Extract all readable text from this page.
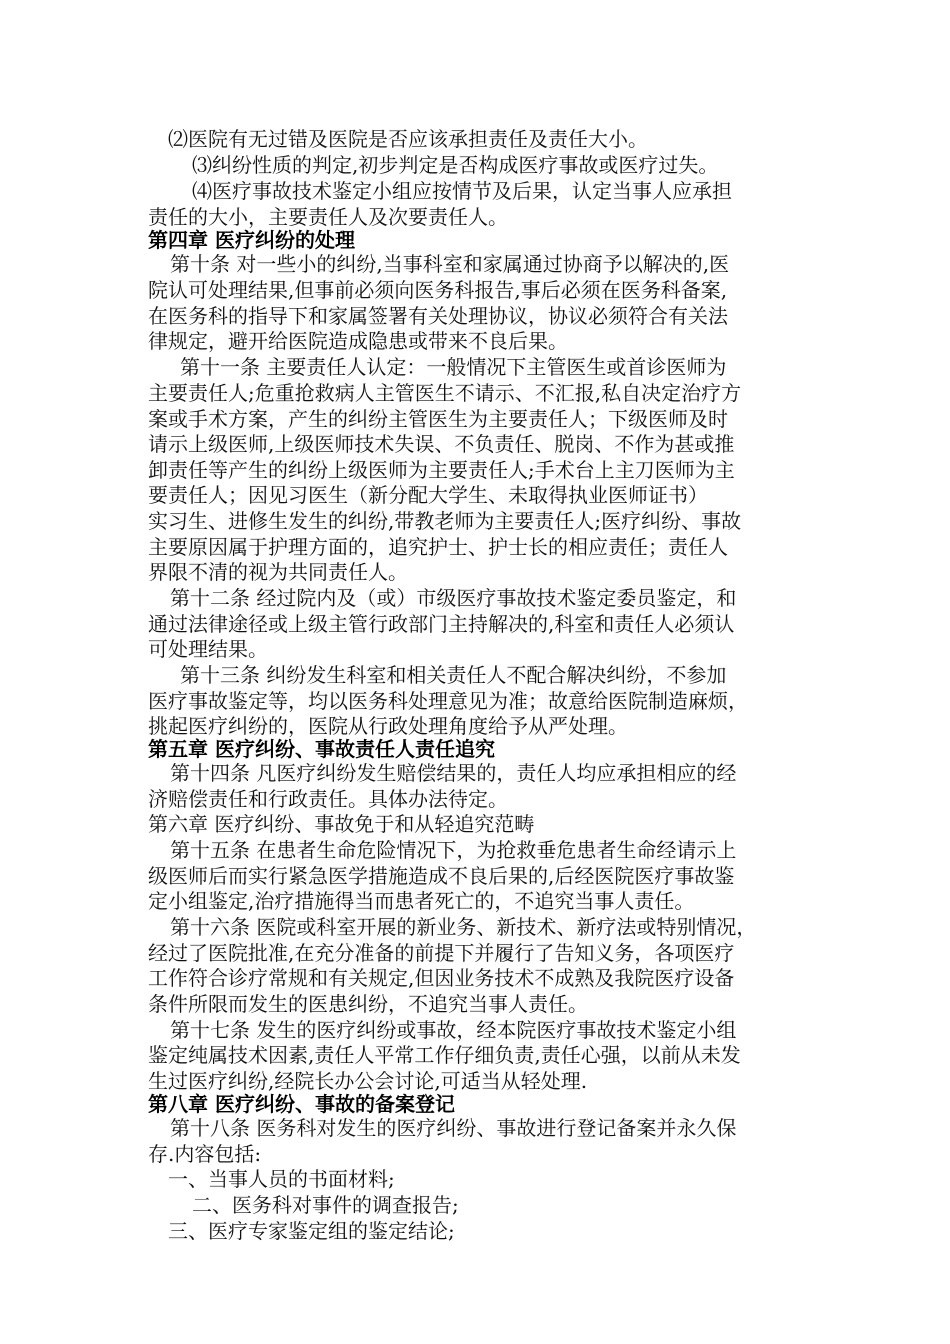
⑵医院有无过错及医院是否应该承担责任及责任大小。
⑶纠纷性质的判定,初步判定是否构成医疗事故或医疗过失。
⑷医疗事故技术鉴定小组应按情节及后果，认定当事人应承担
责任的大小，主要责任人及次要责任人。
第四章 医疗纠纷的处理
第十条 对一些小的纠纷,当事科室和家属通过协商予以解决的,医
院认可处理结果,但事前必须向医务科报告,事后必须在医务科备案,
在医务科的指导下和家属签署有关处理协议，协议必须符合有关法
律规定，避开给医院造成隐患或带来不良后果。
第十一条 主要责任人认定：一般情况下主管医生或首诊医师为
主要责任人;危重抢救病人主管医生不请示、不汇报,私自决定治疗方
案或手术方案，产生的纠纷主管医生为主要责任人；下级医师及时
请示上级医师,上级医师技术失误、不负责任、脱岗、不作为甚或推
卸责任等产生的纠纷上级医师为主要责任人;手术台上主刀医师为主
要责任人；因见习医生（新分配大学生、未取得执业医师证书）
实习生、进修生发生的纠纷,带教老师为主要责任人;医疗纠纷、事故
主要原因属于护理方面的，追究护士、护士长的相应责任；责任人
界限不清的视为共同责任人。
第十二条 经过院内及（或）市级医疗事故技术鉴定委员鉴定，和
通过法律途径或上级主管行政部门主持解决的,科室和责任人必须认
可处理结果。
第十三条 纠纷发生科室和相关责任人不配合解决纠纷，不参加
医疗事故鉴定等，均以医务科处理意见为准；故意给医院制造麻烦，
挑起医疗纠纷的，医院从行政处理角度给予从严处理。
第五章 医疗纠纷、事故责任人责任追究
第十四条 凡医疗纠纷发生赔偿结果的，责任人均应承担相应的经
济赔偿责任和行政责任。具体办法待定。
第六章 医疗纠纷、事故免于和从轻追究范畴
第十五条 在患者生命危险情况下，为抢救垂危患者生命经请示上
级医师后而实行紧急医学措施造成不良后果的,后经医院医疗事故鉴
定小组鉴定,治疗措施得当而患者死亡的，不追究当事人责任。
第十六条 医院或科室开展的新业务、新技术、新疗法或特别情况，
经过了医院批准,在充分准备的前提下并履行了告知义务，各项医疗
工作符合诊疗常规和有关规定,但因业务技术不成熟及我院医疗设备
条件所限而发生的医患纠纷，不追究当事人责任。
第十七条 发生的医疗纠纷或事故，经本院医疗事故技术鉴定小组
鉴定纯属技术因素,责任人平常工作仔细负责,责任心强，以前从未发
生过医疗纠纷,经院长办公会讨论,可适当从轻处理.
第八章 医疗纠纷、事故的备案登记
第十八条 医务科对发生的医疗纠纷、事故进行登记备案并永久保
存.内容包括:
一、当事人员的书面材料;
二、医务科对事件的调查报告;
三、医疗专家鉴定组的鉴定结论;
